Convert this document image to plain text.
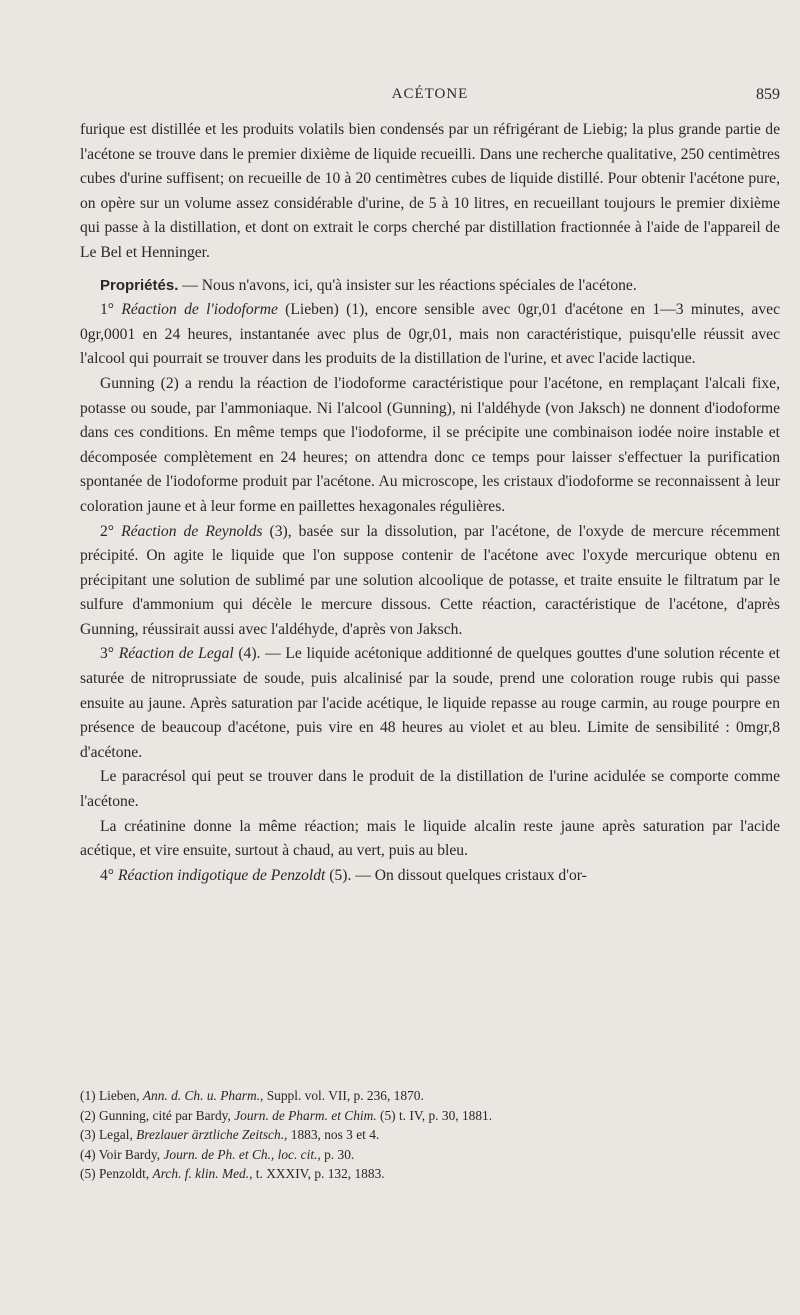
ACÉTONE	859

furique est distillée et les produits volatils bien condensés par un réfrigérant de Liebig; la plus grande partie de l'acétone se trouve dans le premier dixième de liquide recueilli. Dans une recherche qualitative, 250 centimètres cubes d'urine suffisent; on recueille de 10 à 20 centimètres cubes de liquide distillé. Pour obtenir l'acétone pure, on opère sur un volume assez considérable d'urine, de 5 à 10 litres, en recueillant toujours le premier dixième qui passe à la distillation, et dont on extrait le corps cherché par distillation fractionnée à l'aide de l'appareil de Le Bel et Henninger.

Propriétés. — Nous n'avons, ici, qu'à insister sur les réactions spéciales de l'acétone.

1° Réaction de l'iodoforme (Lieben) (1), encore sensible avec 0gr,01 d'acétone en 1—3 minutes, avec 0gr,0001 en 24 heures, instantanée avec plus de 0gr,01, mais non caractéristique, puisqu'elle réussit avec l'alcool qui pourrait se trouver dans les produits de la distillation de l'urine, et avec l'acide lactique.

Gunning (2) a rendu la réaction de l'iodoforme caractéristique pour l'acétone, en remplaçant l'alcali fixe, potasse ou soude, par l'ammoniaque. Ni l'alcool (Gunning), ni l'aldéhyde (von Jaksch) ne donnent d'iodoforme dans ces conditions. En même temps que l'iodoforme, il se précipite une combinaison iodée noire instable et décomposée complètement en 24 heures; on attendra donc ce temps pour laisser s'effectuer la purification spontanée de l'iodoforme produit par l'acétone. Au microscope, les cristaux d'iodoforme se reconnaissent à leur coloration jaune et à leur forme en paillettes hexagonales régulières.

2° Réaction de Reynolds (3), basée sur la dissolution, par l'acétone, de l'oxyde de mercure récemment précipité. On agite le liquide que l'on suppose contenir de l'acétone avec l'oxyde mercurique obtenu en précipitant une solution de sublimé par une solution alcoolique de potasse, et traite ensuite le filtratum par le sulfure d'ammonium qui décèle le mercure dissous. Cette réaction, caractéristique de l'acétone, d'après Gunning, réussirait aussi avec l'aldéhyde, d'après von Jaksch.

3° Réaction de Legal (4). — Le liquide acétonique additionné de quelques gouttes d'une solution récente et saturée de nitroprussiate de soude, puis alcalinisé par la soude, prend une coloration rouge rubis qui passe ensuite au jaune. Après saturation par l'acide acétique, le liquide repasse au rouge carmin, au rouge pourpre en présence de beaucoup d'acétone, puis vire en 48 heures au violet et au bleu. Limite de sensibilité : 0mgr,8 d'acétone.

Le paracrésol qui peut se trouver dans le produit de la distillation de l'urine acidulée se comporte comme l'acétone.

La créatinine donne la même réaction; mais le liquide alcalin reste jaune après saturation par l'acide acétique, et vire ensuite, surtout à chaud, au vert, puis au bleu.

4° Réaction indigotique de Penzoldt (5). — On dissout quelques cristaux d'or-

(1) Lieben, Ann. d. Ch. u. Pharm., Suppl. vol. VII, p. 236, 1870.

(2) Gunning, cité par Bardy, Journ. de Pharm. et Chim. (5) t. IV, p. 30, 1881.

(3) Legal, Brezlauer ärztliche Zeitsch., 1883, nos 3 et 4.

(4) Voir Bardy, Journ. de Ph. et Ch., loc. cit., p. 30.

(5) Penzoldt, Arch. f. klin. Med., t. XXXIV, p. 132, 1883.
